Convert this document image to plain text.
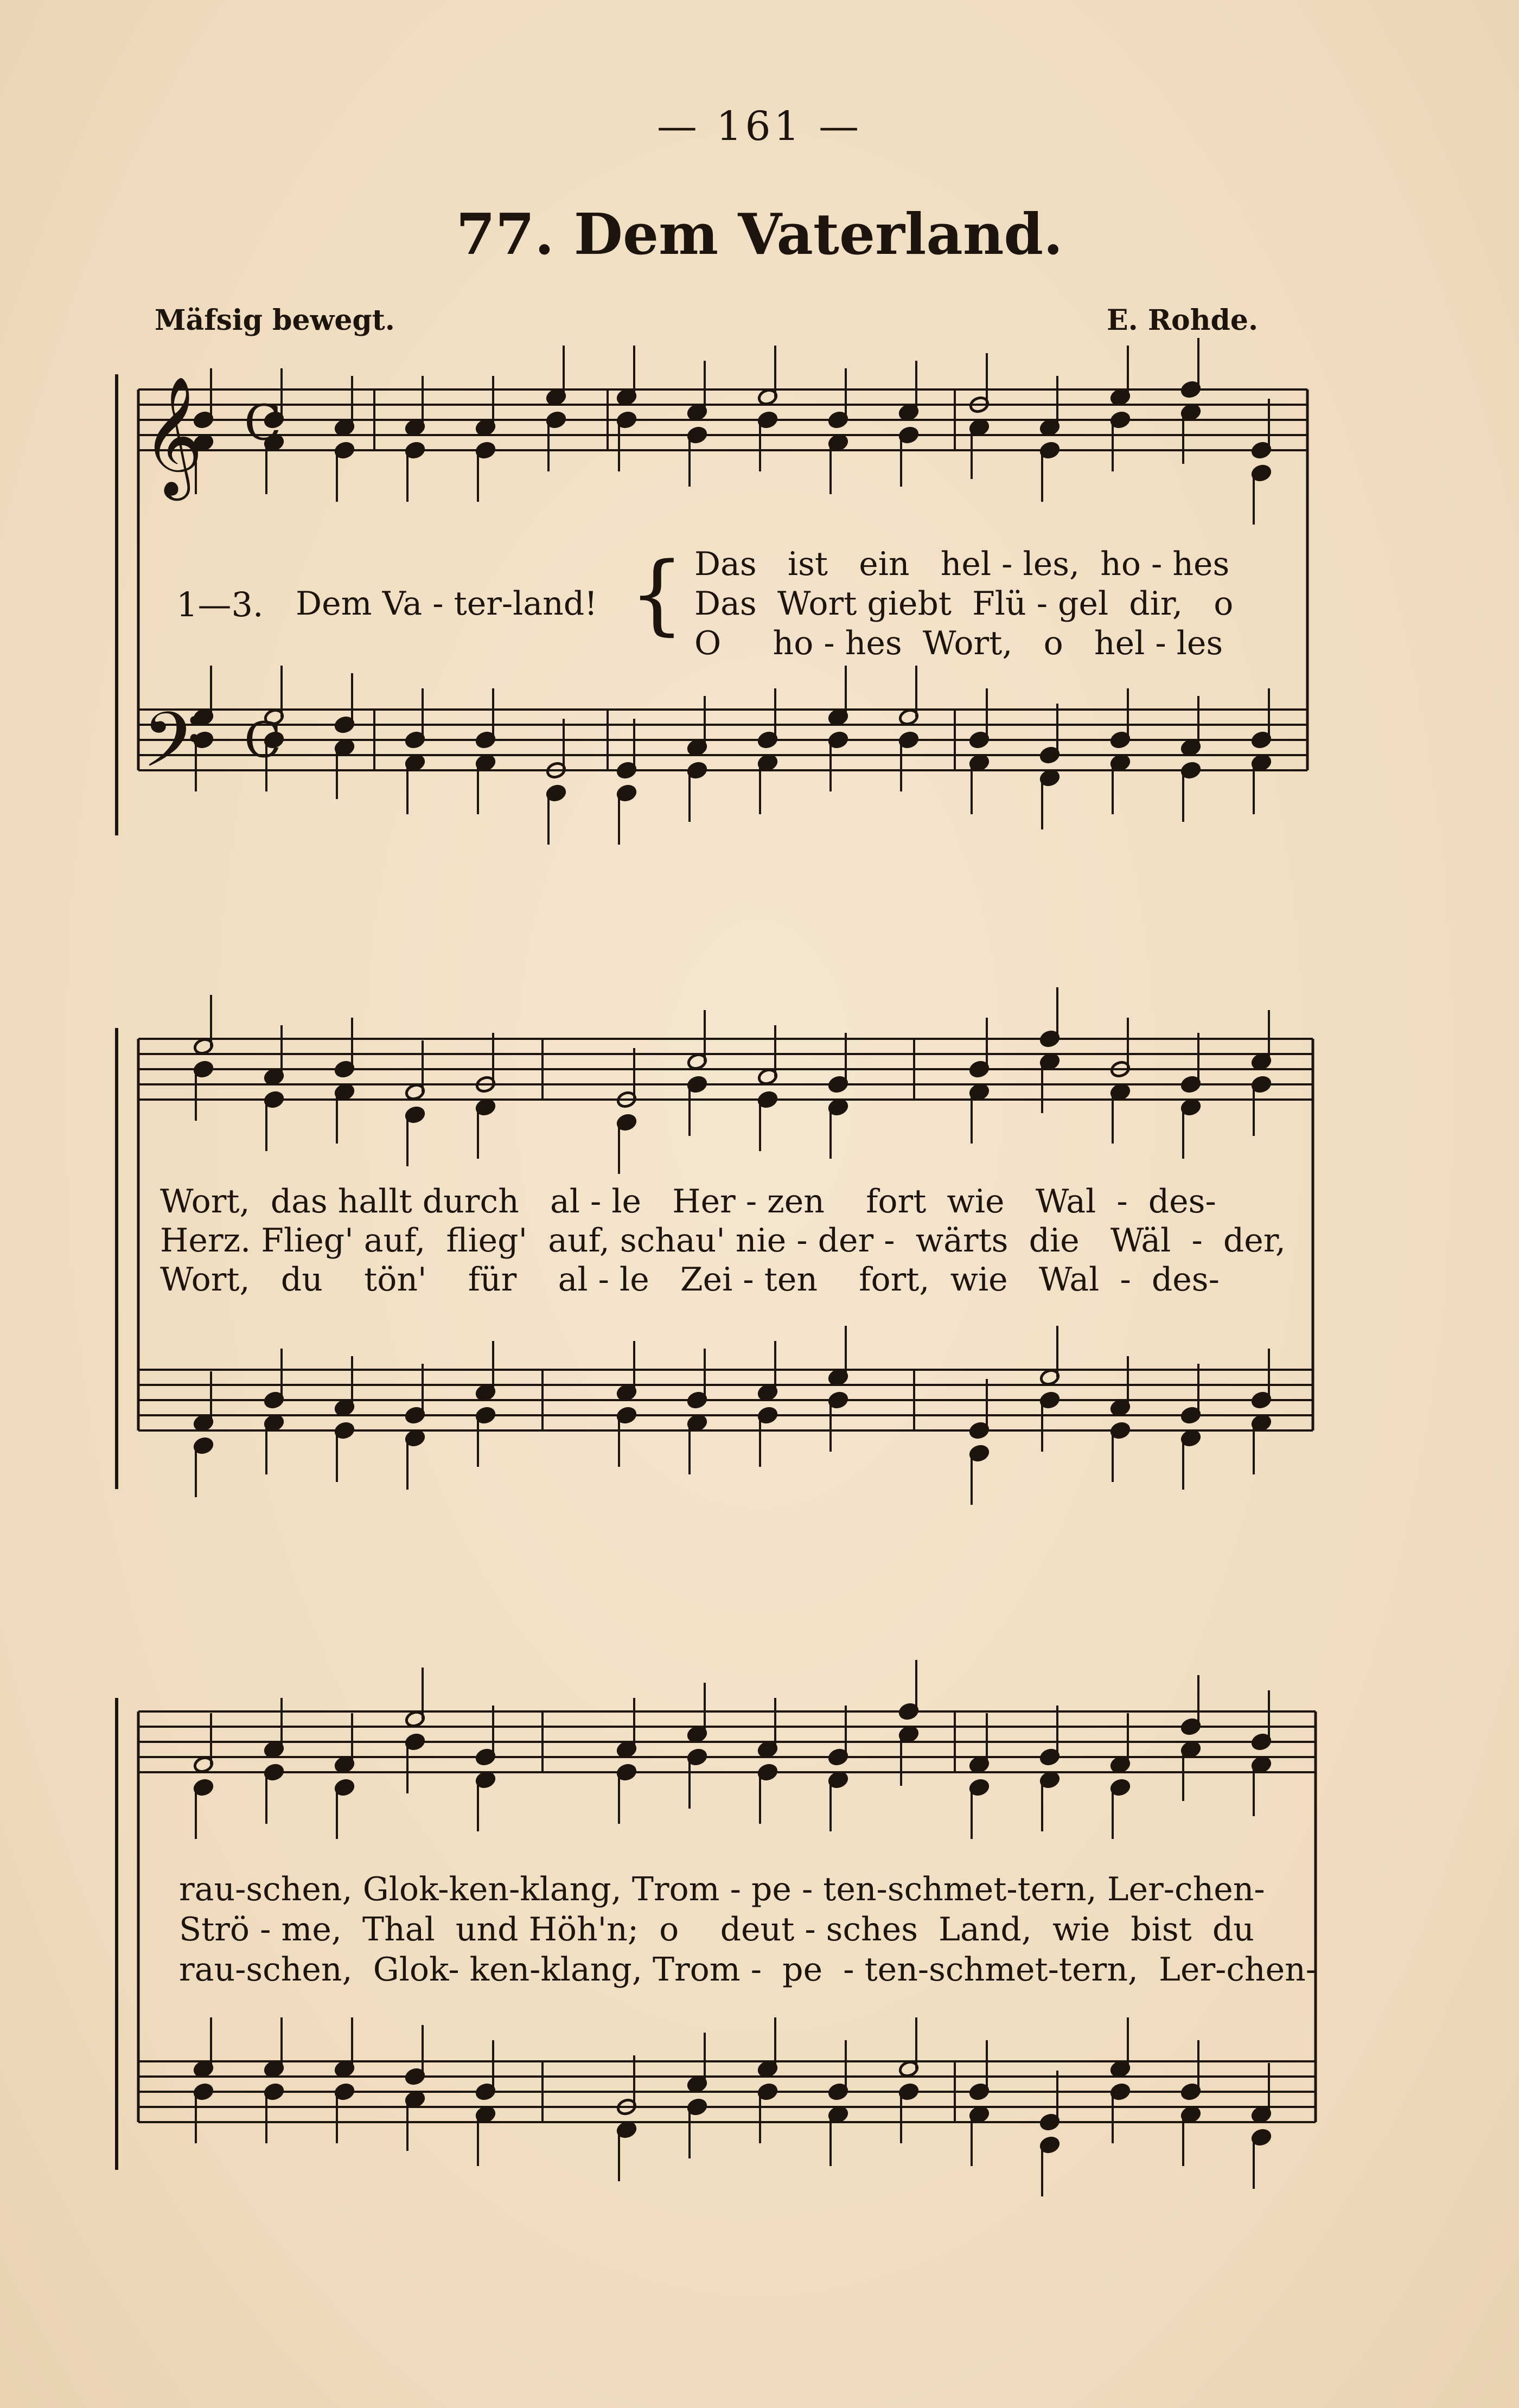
— 161 —
77. Dem Vaterland.
Mäfsig bewegt.	E. Rohde.
𝄞
𝄢
C
C
1—3. Dem Va - ter-land! { Das   ist   ein   hel - les,  ho - hes
Das  Wort giebt  Flü - gel  dir,   o
O     ho - hes  Wort,   o   hel - les
Wort,  das hallt durch   al - le   Her - zen    fort  wie   Wal  -  des-
Herz. Flieg' auf,  flieg'  auf, schau' nie - der -  wärts  die   Wäl  -  der,
Wort,   du    tön'    für    al - le   Zei - ten    fort,  wie   Wal  -  des-
rau-schen, Glok-ken-klang, Trom - pe - ten-schmet-tern, Ler-chen-
Strö - me,  Thal  und Höh'n;  o    deut - sches  Land,  wie  bist  du
rau-schen,  Glok- ken-klang, Trom -  pe  - ten-schmet-tern,  Ler-chen-
